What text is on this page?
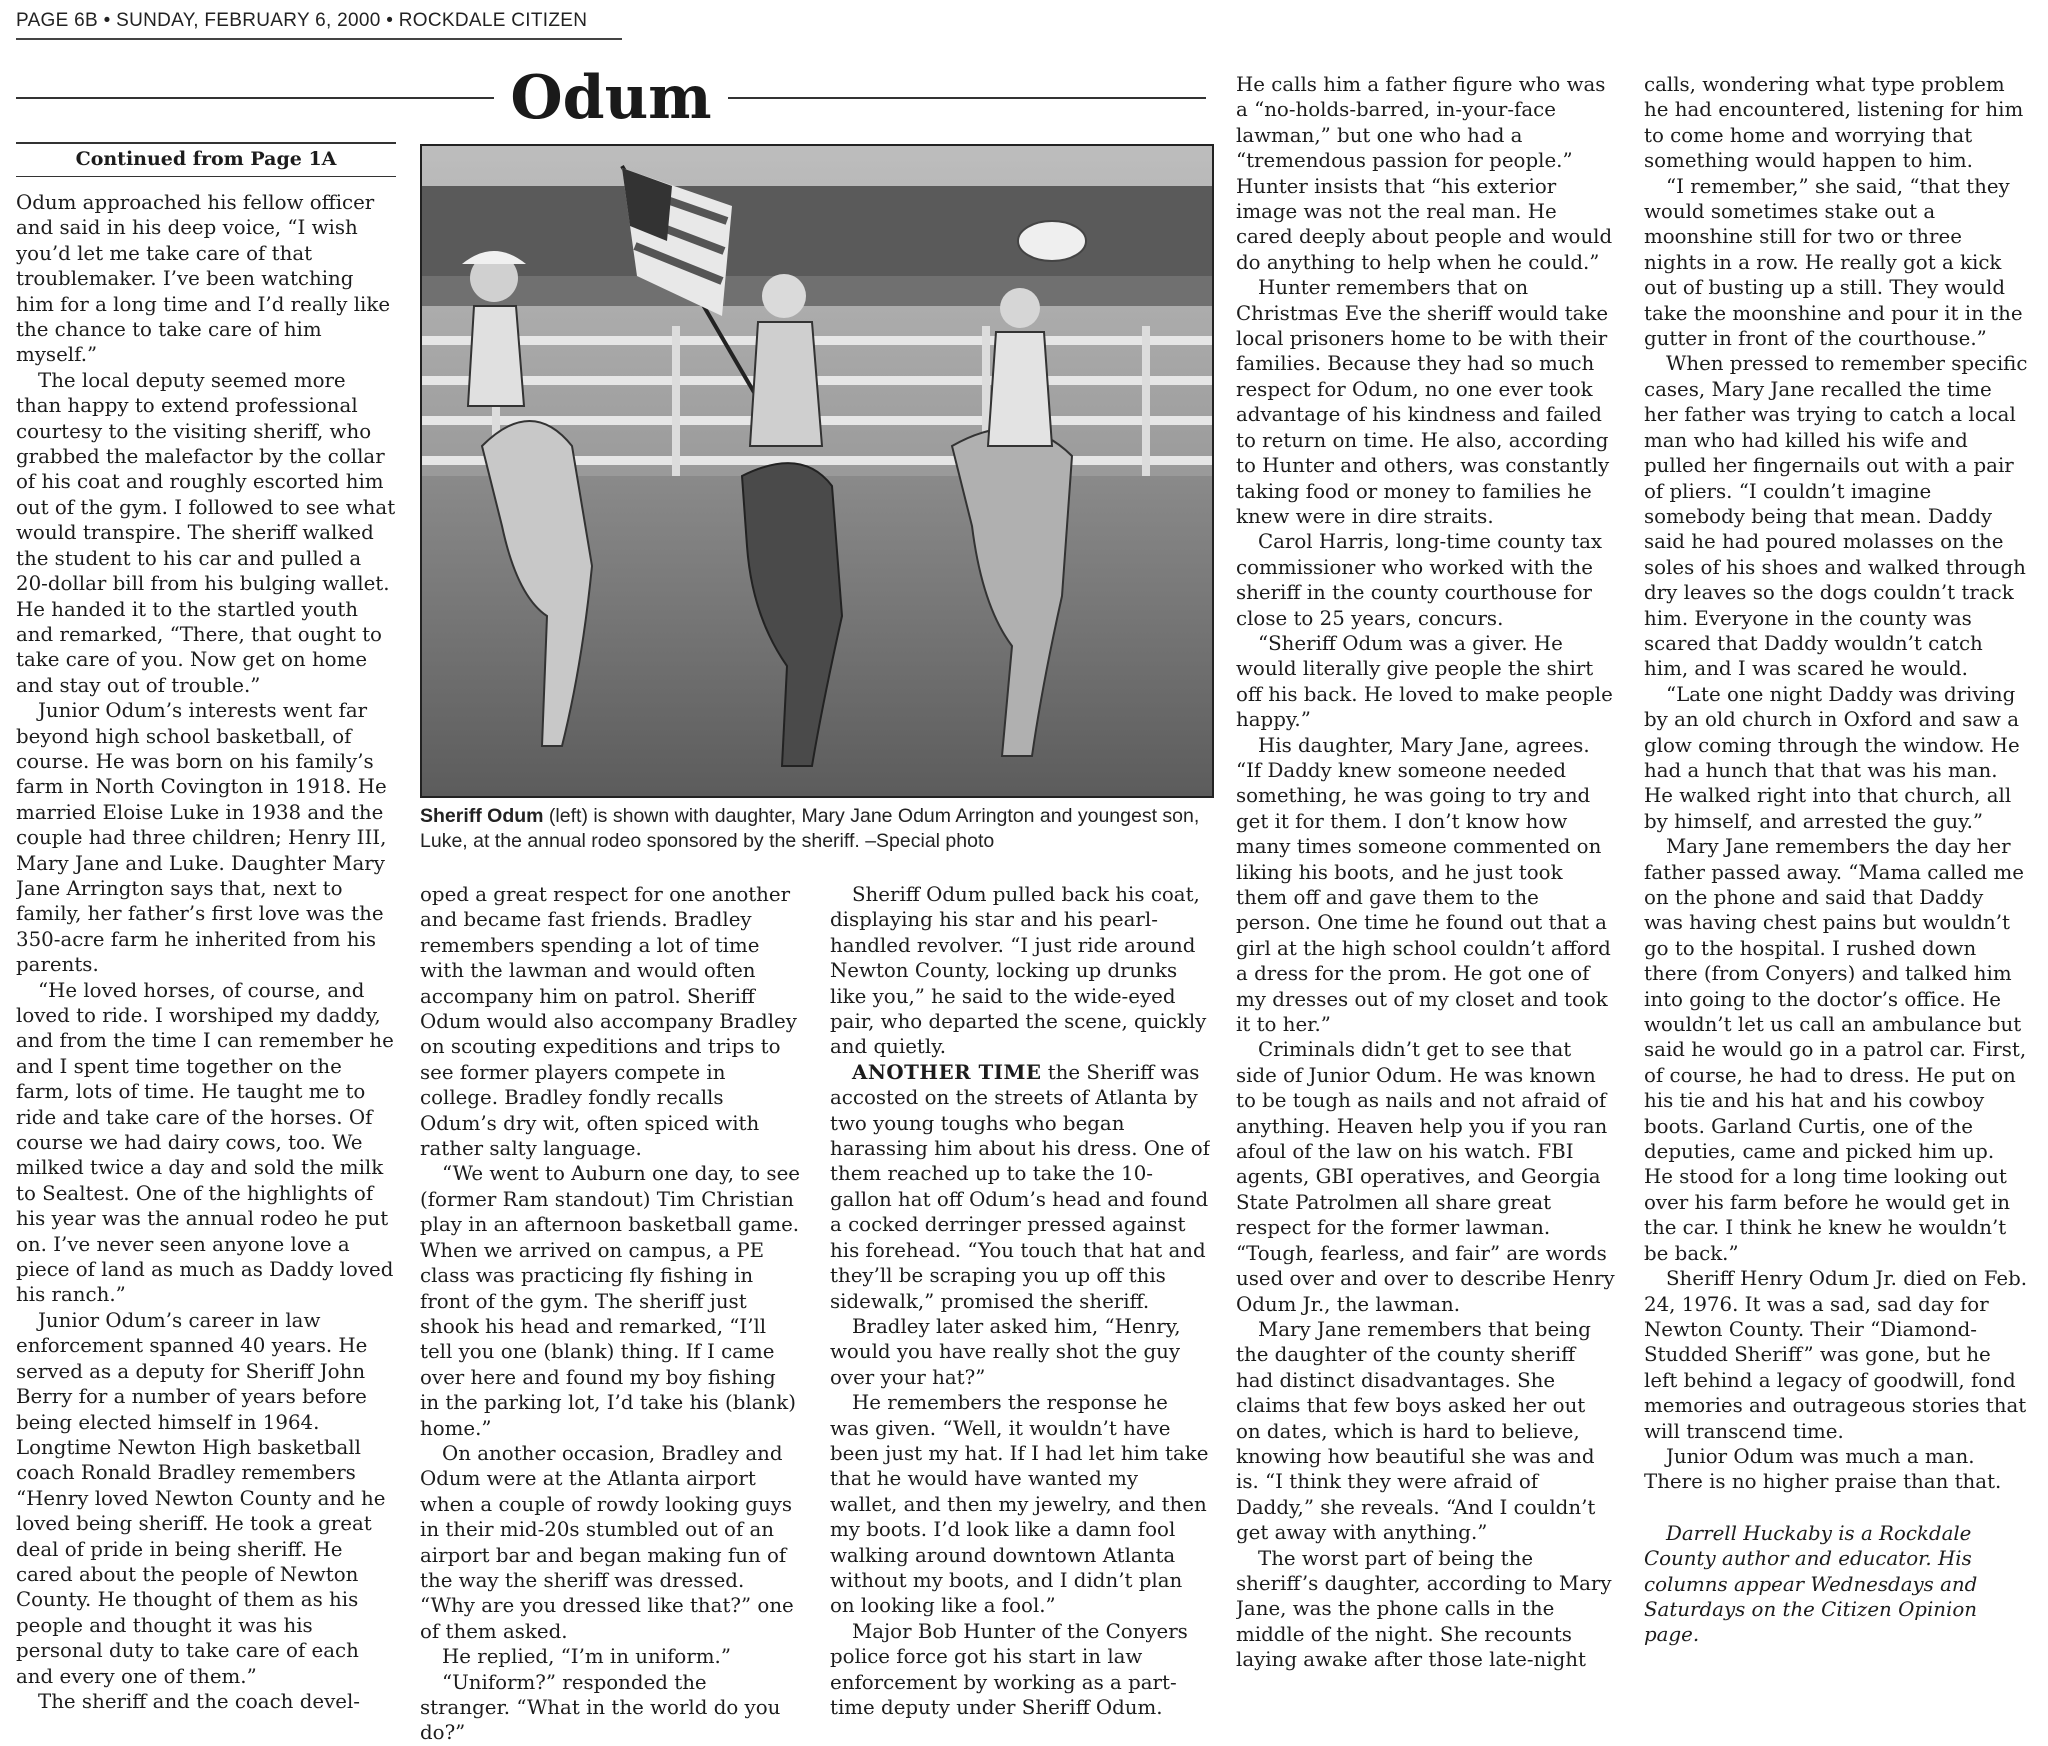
PAGE 6B • SUNDAY, FEBRUARY 6, 2000 • ROCKDALE CITIZEN
Odum
Continued from Page 1A

Odum approached his fellow officer and said in his deep voice, “I wish you’d let me take care of that troublemaker. I’ve been watching him for a long time and I’d really like the chance to take care of him myself.”

The local deputy seemed more than happy to extend professional courtesy to the visiting sheriff, who grabbed the malefactor by the collar of his coat and roughly escorted him out of the gym. I followed to see what would transpire. The sheriff walked the student to his car and pulled a 20-dollar bill from his bulging wallet. He handed it to the startled youth and remarked, “There, that ought to take care of you. Now get on home and stay out of trouble.”

Junior Odum’s interests went far beyond high school basketball, of course. He was born on his family’s farm in North Covington in 1918. He married Eloise Luke in 1938 and the couple had three children; Henry III, Mary Jane and Luke. Daughter Mary Jane Arrington says that, next to family, her father’s first love was the 350-acre farm he inherited from his parents.

“He loved horses, of course, and loved to ride. I worshiped my daddy, and from the time I can remember he and I spent time together on the farm, lots of time. He taught me to ride and take care of the horses. Of course we had dairy cows, too. We milked twice a day and sold the milk to Sealtest. One of the highlights of his year was the annual rodeo he put on. I’ve never seen anyone love a piece of land as much as Daddy loved his ranch.”

Junior Odum’s career in law enforcement spanned 40 years. He served as a deputy for Sheriff John Berry for a number of years before being elected himself in 1964. Longtime Newton High basketball coach Ronald Bradley remembers “Henry loved Newton County and he loved being sheriff. He took a great deal of pride in being sheriff. He cared about the people of Newton County. He thought of them as his people and thought it was his personal duty to take care of each and every one of them.”

The sheriff and the coach devel-

Sheriff Odum (left) is shown with daughter, Mary Jane Odum Arrington and youngest son, Luke, at the annual rodeo sponsored by the sheriff. –Special photo

oped a great respect for one another and became fast friends. Bradley remembers spending a lot of time with the lawman and would often accompany him on patrol. Sheriff Odum would also accompany Bradley on scouting expeditions and trips to see former players compete in college. Bradley fondly recalls Odum’s dry wit, often spiced with rather salty language.

“We went to Auburn one day, to see (former Ram standout) Tim Christian play in an afternoon basketball game. When we arrived on campus, a PE class was practicing fly fishing in front of the gym. The sheriff just shook his head and remarked, “I’ll tell you one (blank) thing. If I came over here and found my boy fishing in the parking lot, I’d take his (blank) home.”

On another occasion, Bradley and Odum were at the Atlanta airport when a couple of rowdy looking guys in their mid-20s stumbled out of an airport bar and began making fun of the way the sheriff was dressed. “Why are you dressed like that?” one of them asked.

He replied, “I’m in uniform.”

“Uniform?” responded the stranger. “What in the world do you do?”

Sheriff Odum pulled back his coat, displaying his star and his pearl-handled revolver. “I just ride around Newton County, locking up drunks like you,” he said to the wide-eyed pair, who departed the scene, quickly and quietly.

ANOTHER TIME the Sheriff was accosted on the streets of Atlanta by two young toughs who began harassing him about his dress. One of them reached up to take the 10-gallon hat off Odum’s head and found a cocked derringer pressed against his forehead. “You touch that hat and they’ll be scraping you up off this sidewalk,” promised the sheriff.

Bradley later asked him, “Henry, would you have really shot the guy over your hat?”

He remembers the response he was given. “Well, it wouldn’t have been just my hat. If I had let him take that he would have wanted my wallet, and then my jewelry, and then my boots. I’d look like a damn fool walking around downtown Atlanta without my boots, and I didn’t plan on looking like a fool.”

Major Bob Hunter of the Conyers police force got his start in law enforcement by working as a part-time deputy under Sheriff Odum.

He calls him a father figure who was a “no-holds-barred, in-your-face lawman,” but one who had a “tremendous passion for people.” Hunter insists that “his exterior image was not the real man. He cared deeply about people and would do anything to help when he could.”

Hunter remembers that on Christmas Eve the sheriff would take local prisoners home to be with their families. Because they had so much respect for Odum, no one ever took advantage of his kindness and failed to return on time. He also, according to Hunter and others, was constantly taking food or money to families he knew were in dire straits.

Carol Harris, long-time county tax commissioner who worked with the sheriff in the county courthouse for close to 25 years, concurs.

“Sheriff Odum was a giver. He would literally give people the shirt off his back. He loved to make people happy.”

His daughter, Mary Jane, agrees. “If Daddy knew someone needed something, he was going to try and get it for them. I don’t know how many times someone commented on liking his boots, and he just took them off and gave them to the person. One time he found out that a girl at the high school couldn’t afford a dress for the prom. He got one of my dresses out of my closet and took it to her.”

Criminals didn’t get to see that side of Junior Odum. He was known to be tough as nails and not afraid of anything. Heaven help you if you ran afoul of the law on his watch. FBI agents, GBI operatives, and Georgia State Patrolmen all share great respect for the former lawman. “Tough, fearless, and fair” are words used over and over to describe Henry Odum Jr., the lawman.

Mary Jane remembers that being the daughter of the county sheriff had distinct disadvantages. She claims that few boys asked her out on dates, which is hard to believe, knowing how beautiful she was and is. “I think they were afraid of Daddy,” she reveals. “And I couldn’t get away with anything.”

The worst part of being the sheriff’s daughter, according to Mary Jane, was the phone calls in the middle of the night. She recounts laying awake after those late-night

calls, wondering what type problem he had encountered, listening for him to come home and worrying that something would happen to him.

“I remember,” she said, “that they would sometimes stake out a moonshine still for two or three nights in a row. He really got a kick out of busting up a still. They would take the moonshine and pour it in the gutter in front of the courthouse.”

When pressed to remember specific cases, Mary Jane recalled the time her father was trying to catch a local man who had killed his wife and pulled her fingernails out with a pair of pliers. “I couldn’t imagine somebody being that mean. Daddy said he had poured molasses on the soles of his shoes and walked through dry leaves so the dogs couldn’t track him. Everyone in the county was scared that Daddy wouldn’t catch him, and I was scared he would.

“Late one night Daddy was driving by an old church in Oxford and saw a glow coming through the window. He had a hunch that that was his man. He walked right into that church, all by himself, and arrested the guy.”

Mary Jane remembers the day her father passed away. “Mama called me on the phone and said that Daddy was having chest pains but wouldn’t go to the hospital. I rushed down there (from Conyers) and talked him into going to the doctor’s office. He wouldn’t let us call an ambulance but said he would go in a patrol car. First, of course, he had to dress. He put on his tie and his hat and his cowboy boots. Garland Curtis, one of the deputies, came and picked him up. He stood for a long time looking out over his farm before he would get in the car. I think he knew he wouldn’t be back.”

Sheriff Henry Odum Jr. died on Feb. 24, 1976. It was a sad, sad day for Newton County. Their “Diamond-Studded Sheriff” was gone, but he left behind a legacy of goodwill, fond memories and outrageous stories that will transcend time.

Junior Odum was much a man. There is no higher praise than that.

Darrell Huckaby is a Rockdale County author and educator. His columns appear Wednesdays and Saturdays on the Citizen Opinion page.
